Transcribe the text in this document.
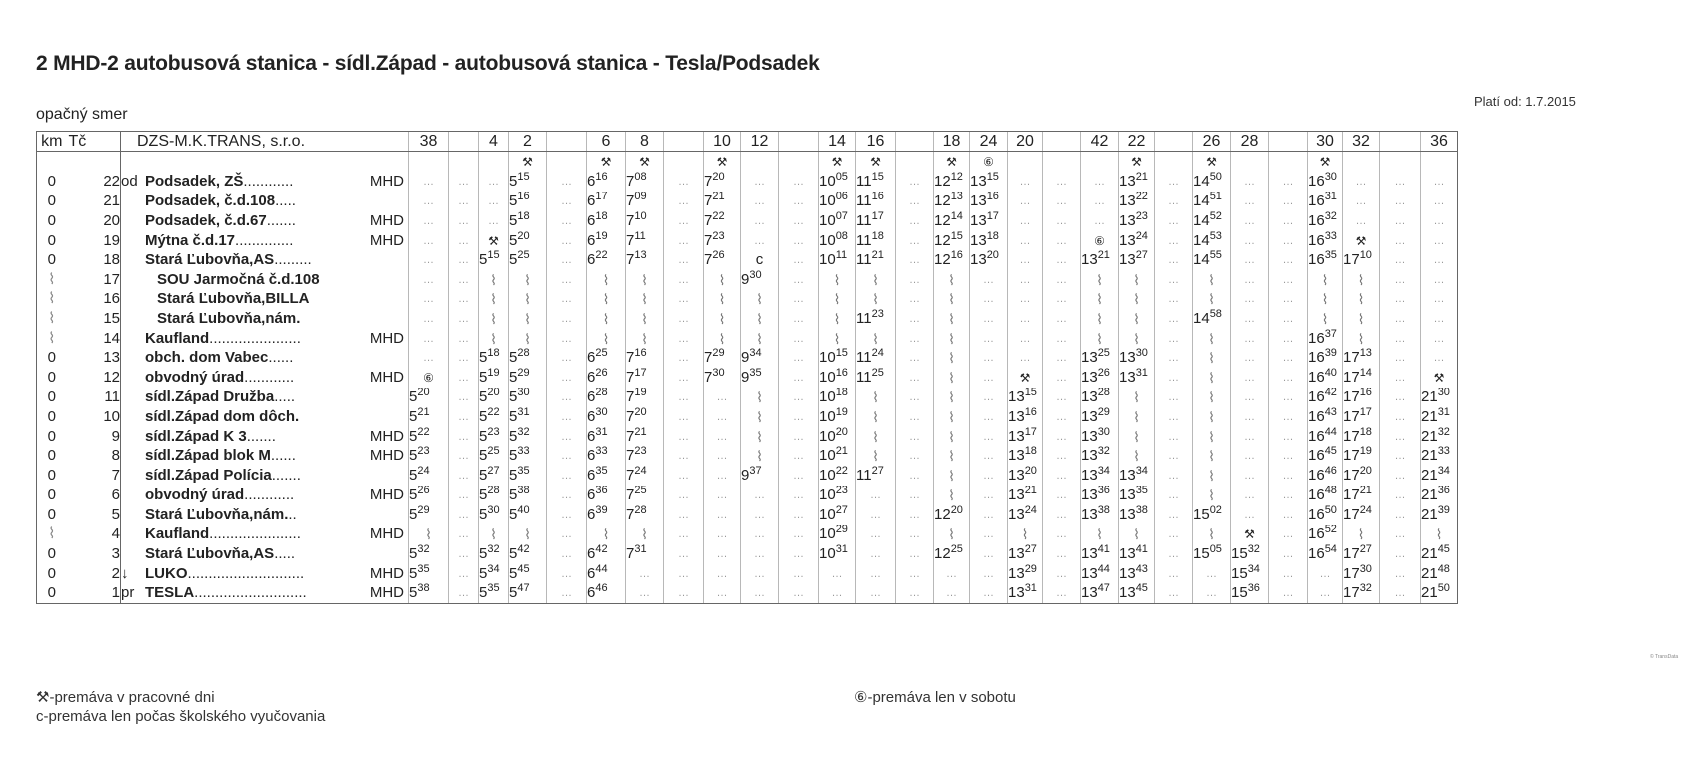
2 MHD-2 autobusová stanica - sídl.Západ - autobusová stanica - Tesla/Podsadek
Platí od: 1.7.2015
opačný smer
km	Tč	DZS-M.K.TRANS, s.r.o.	38		4	2		6	8		10	12		14	16		18	24	20		42	22		26	28		30	32		36
						⚒		⚒	⚒		⚒			⚒	⚒		⚒	⑥				⚒		⚒			⚒			
0	22	od Podsadek, ZŠ............ MHD	…	…	…	$5^{15}$	…	$6^{16}$	$7^{08}$	…	$7^{20}$	…	…	$10^{05}$	$11^{15}$	…	$12^{12}$	$13^{15}$	…	…	…	$13^{21}$	…	$14^{50}$	…	…	$16^{30}$	…	…	…
0	21	Podsadek, č.d.108.....	…	…	…	$5^{16}$	…	$6^{17}$	$7^{09}$	…	$7^{21}$	…	…	$10^{06}$	$11^{16}$	…	$12^{13}$	$13^{16}$	…	…	…	$13^{22}$	…	$14^{51}$	…	…	$16^{31}$	…	…	…
0	20	Podsadek, č.d.67....... MHD	…	…	…	$5^{18}$	…	$6^{18}$	$7^{10}$	…	$7^{22}$	…	…	$10^{07}$	$11^{17}$	…	$12^{14}$	$13^{17}$	…	…	…	$13^{23}$	…	$14^{52}$	…	…	$16^{32}$	…	…	…
0	19	Mýtna č.d.17.............. MHD	…	…	⚒	$5^{20}$	…	$6^{19}$	$7^{11}$	…	$7^{23}$	…	…	$10^{08}$	$11^{18}$	…	$12^{15}$	$13^{18}$	…	…	⑥	$13^{24}$	…	$14^{53}$	…	…	$16^{33}$	⚒	…	…
0	18	Stará Ľubovňa,AS.........	…	…	$5^{15}$	$5^{25}$	…	$6^{22}$	$7^{13}$	…	$7^{26}$	c	…	$10^{11}$	$11^{21}$	…	$12^{16}$	$13^{20}$	…	…	$13^{21}$	$13^{27}$	…	$14^{55}$	…	…	$16^{35}$	$17^{10}$	…	…
⌇	17	SOU Jarmočná č.d.108	…	…	⌇	⌇	…	⌇	⌇	…	⌇	$9^{30}$	…	⌇	⌇	…	⌇	…	…	…	⌇	⌇	…	⌇	…	…	⌇	⌇	…	…
⌇	16	Stará Ľubovňa,BILLA	…	…	⌇	⌇	…	⌇	⌇	…	⌇	⌇	…	⌇	⌇	…	⌇	…	…	…	⌇	⌇	…	⌇	…	…	⌇	⌇	…	…
⌇	15	Stará Ľubovňa,nám.	…	…	⌇	⌇	…	⌇	⌇	…	⌇	⌇	…	⌇	$11^{23}$	…	⌇	…	…	…	⌇	⌇	…	$14^{58}$	…	…	⌇	⌇	…	…
⌇	14	Kaufland...................... MHD	…	…	⌇	⌇	…	⌇	⌇	…	⌇	⌇	…	⌇	⌇	…	⌇	…	…	…	⌇	⌇	…	⌇	…	…	$16^{37}$	⌇	…	…
0	13	obch. dom Vabec......	…	…	$5^{18}$	$5^{28}$	…	$6^{25}$	$7^{16}$	…	$7^{29}$	$9^{34}$	…	$10^{15}$	$11^{24}$	…	⌇	…	…	…	$13^{25}$	$13^{30}$	…	⌇	…	…	$16^{39}$	$17^{13}$	…	…
0	12	obvodný úrad............ MHD	⑥	…	$5^{19}$	$5^{29}$	…	$6^{26}$	$7^{17}$	…	$7^{30}$	$9^{35}$	…	$10^{16}$	$11^{25}$	…	⌇	…	⚒	…	$13^{26}$	$13^{31}$	…	⌇	…	…	$16^{40}$	$17^{14}$	…	⚒
0	11	sídl.Západ Družba.....	$5^{20}$	…	$5^{20}$	$5^{30}$	…	$6^{28}$	$7^{19}$	…	…	⌇	…	$10^{18}$	⌇	…	⌇	…	$13^{15}$	…	$13^{28}$	⌇	…	⌇	…	…	$16^{42}$	$17^{16}$	…	$21^{30}$
0	10	sídl.Západ dom dôch.	$5^{21}$	…	$5^{22}$	$5^{31}$	…	$6^{30}$	$7^{20}$	…	…	⌇	…	$10^{19}$	⌇	…	⌇	…	$13^{16}$	…	$13^{29}$	⌇	…	⌇	…	…	$16^{43}$	$17^{17}$	…	$21^{31}$
0	9	sídl.Západ K 3....... MHD	$5^{22}$	…	$5^{23}$	$5^{32}$	…	$6^{31}$	$7^{21}$	…	…	⌇	…	$10^{20}$	⌇	…	⌇	…	$13^{17}$	…	$13^{30}$	⌇	…	⌇	…	…	$16^{44}$	$17^{18}$	…	$21^{32}$
0	8	sídl.Západ blok M...... MHD	$5^{23}$	…	$5^{25}$	$5^{33}$	…	$6^{33}$	$7^{23}$	…	…	⌇	…	$10^{21}$	⌇	…	⌇	…	$13^{18}$	…	$13^{32}$	⌇	…	⌇	…	…	$16^{45}$	$17^{19}$	…	$21^{33}$
0	7	sídl.Západ Polícia.......	$5^{24}$	…	$5^{27}$	$5^{35}$	…	$6^{35}$	$7^{24}$	…	…	$9^{37}$	…	$10^{22}$	$11^{27}$	…	⌇	…	$13^{20}$	…	$13^{34}$	$13^{34}$	…	⌇	…	…	$16^{46}$	$17^{20}$	…	$21^{34}$
0	6	obvodný úrad............ MHD	$5^{26}$	…	$5^{28}$	$5^{38}$	…	$6^{36}$	$7^{25}$	…	…	…	…	$10^{23}$	…	…	⌇	…	$13^{21}$	…	$13^{36}$	$13^{35}$	…	⌇	…	…	$16^{48}$	$17^{21}$	…	$21^{36}$
0	5	Stará Ľubovňa,nám...	$5^{29}$	…	$5^{30}$	$5^{40}$	…	$6^{39}$	$7^{28}$	…	…	…	…	$10^{27}$	…	…	$12^{20}$	…	$13^{24}$	…	$13^{38}$	$13^{38}$	…	$15^{02}$	…	…	$16^{50}$	$17^{24}$	…	$21^{39}$
⌇	4	Kaufland...................... MHD	⌇	…	⌇	⌇	…	⌇	⌇	…	…	…	…	$10^{29}$	…	…	⌇	…	⌇	…	⌇	⌇	…	⌇	⚒	…	$16^{52}$	⌇	…	⌇
0	3	Stará Ľubovňa,AS.....	$5^{32}$	…	$5^{32}$	$5^{42}$	…	$6^{42}$	$7^{31}$	…	…	…	…	$10^{31}$	…	…	$12^{25}$	…	$13^{27}$	…	$13^{41}$	$13^{41}$	…	$15^{05}$	$15^{32}$	…	$16^{54}$	$17^{27}$	…	$21^{45}$
0	2	↓ LUKO............................ MHD	$5^{35}$	…	$5^{34}$	$5^{45}$	…	$6^{44}$	…	…	…	…	…	…	…	…	…	…	$13^{29}$	…	$13^{44}$	$13^{43}$	…	…	$15^{34}$	…	…	$17^{30}$	…	$21^{48}$
0	1	pr TESLA........................... MHD	$5^{38}$	…	$5^{35}$	$5^{47}$	…	$6^{46}$	…	…	…	…	…	…	…	…	…	…	$13^{31}$	…	$13^{47}$	$13^{45}$	…	…	$15^{36}$	…	…	$17^{32}$	…	$21^{50}$
⚒-premáva v pracovné dni
c-premáva len počas školského vyučovania
⑥-premáva len v sobotu
© TransData
